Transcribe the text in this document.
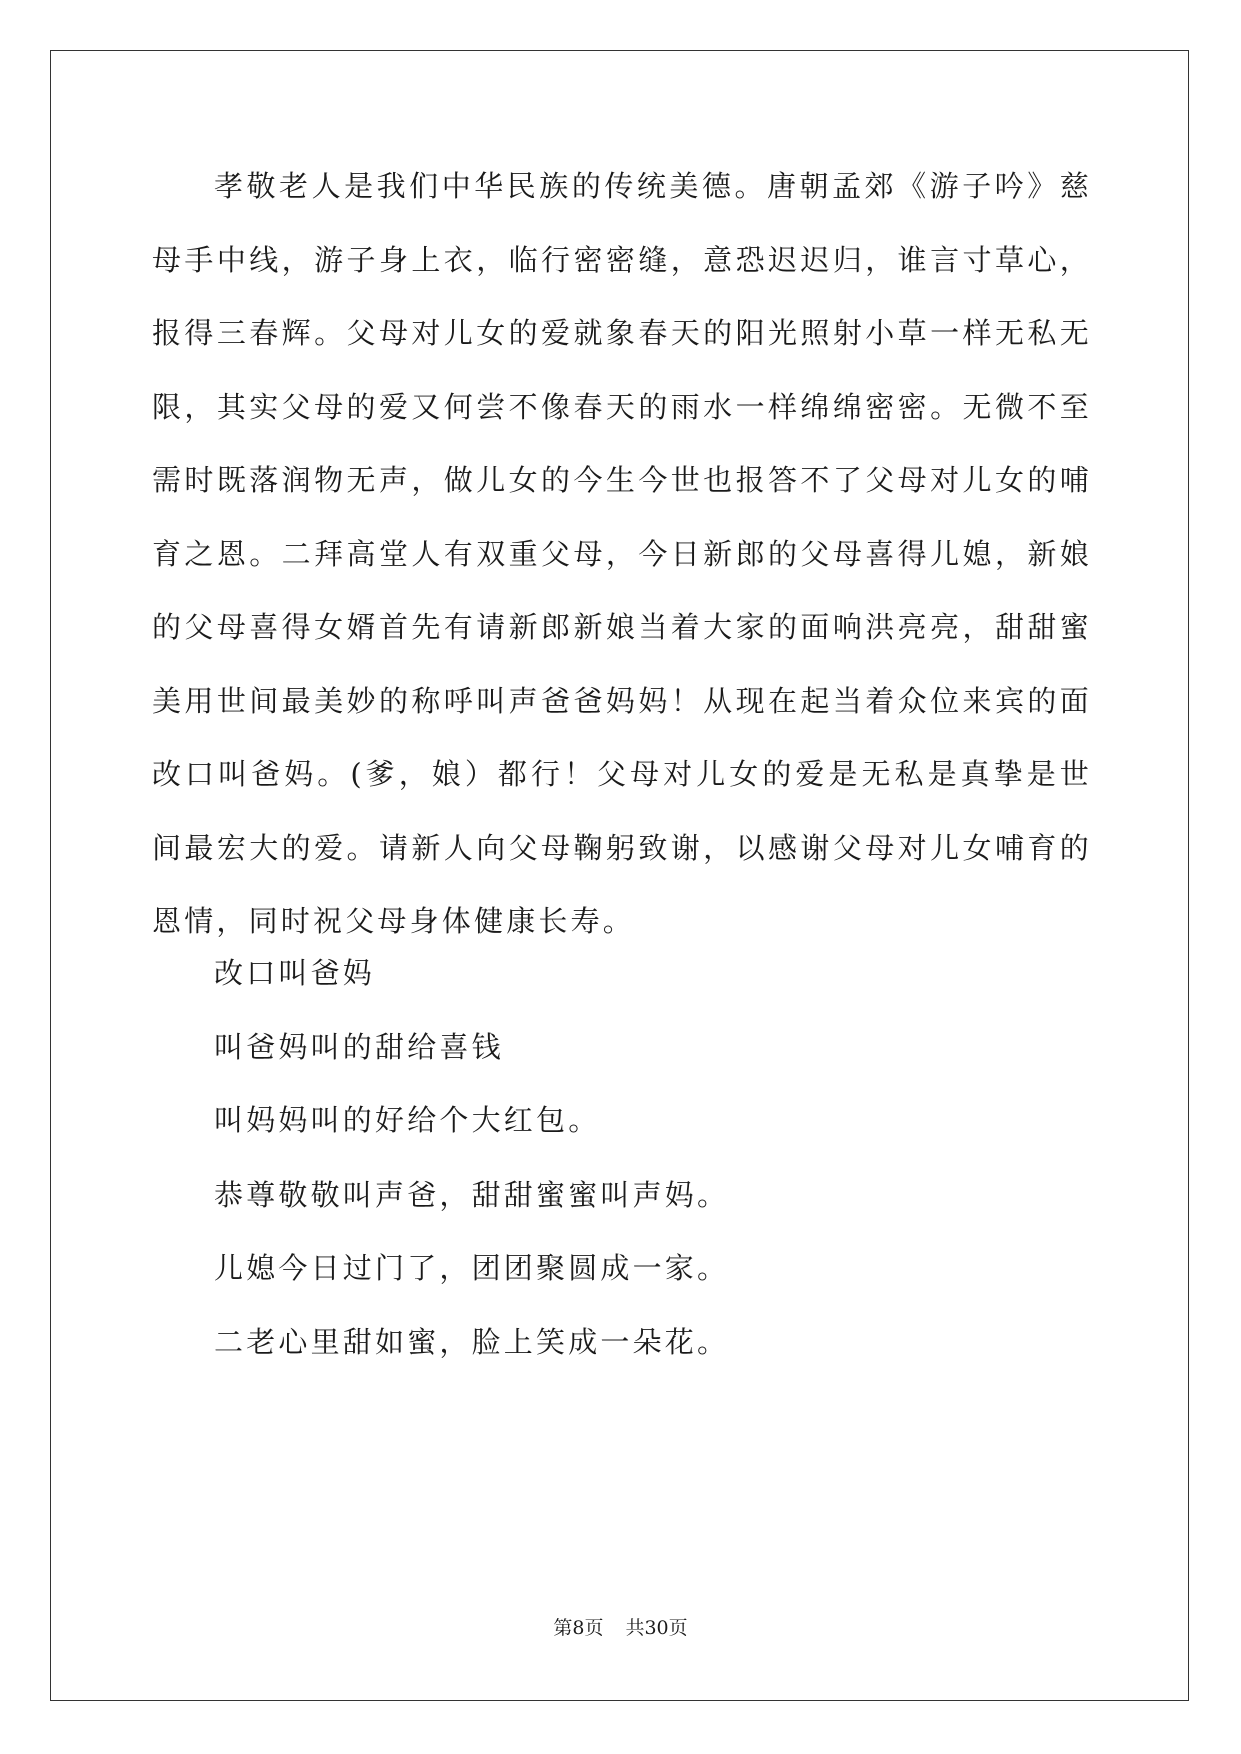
孝敬老人是我们中华民族的传统美德。唐朝孟郊《游子吟》慈母手中线，游子身上衣，临行密密缝，意恐迟迟归，谁言寸草心，报得三春辉。父母对儿女的爱就象春天的阳光照射小草一样无私无限，其实父母的爱又何尝不像春天的雨水一样绵绵密密。无微不至需时既落润物无声，做儿女的今生今世也报答不了父母对儿女的哺育之恩。二拜高堂人有双重父母，今日新郎的父母喜得儿媳，新娘的父母喜得女婿首先有请新郎新娘当着大家的面响洪亮亮，甜甜蜜美用世间最美妙的称呼叫声爸爸妈妈！从现在起当着众位来宾的面改口叫爸妈。(爹，娘）都行！父母对儿女的爱是无私是真挚是世间最宏大的爱。请新人向父母鞠躬致谢，以感谢父母对儿女哺育的恩情，同时祝父母身体健康长寿。

改口叫爸妈

叫爸妈叫的甜给喜钱

叫妈妈叫的好给个大红包。

恭尊敬敬叫声爸，甜甜蜜蜜叫声妈。

儿媳今日过门了，团团聚圆成一家。

二老心里甜如蜜，脸上笑成一朵花。

第8页 共30页
